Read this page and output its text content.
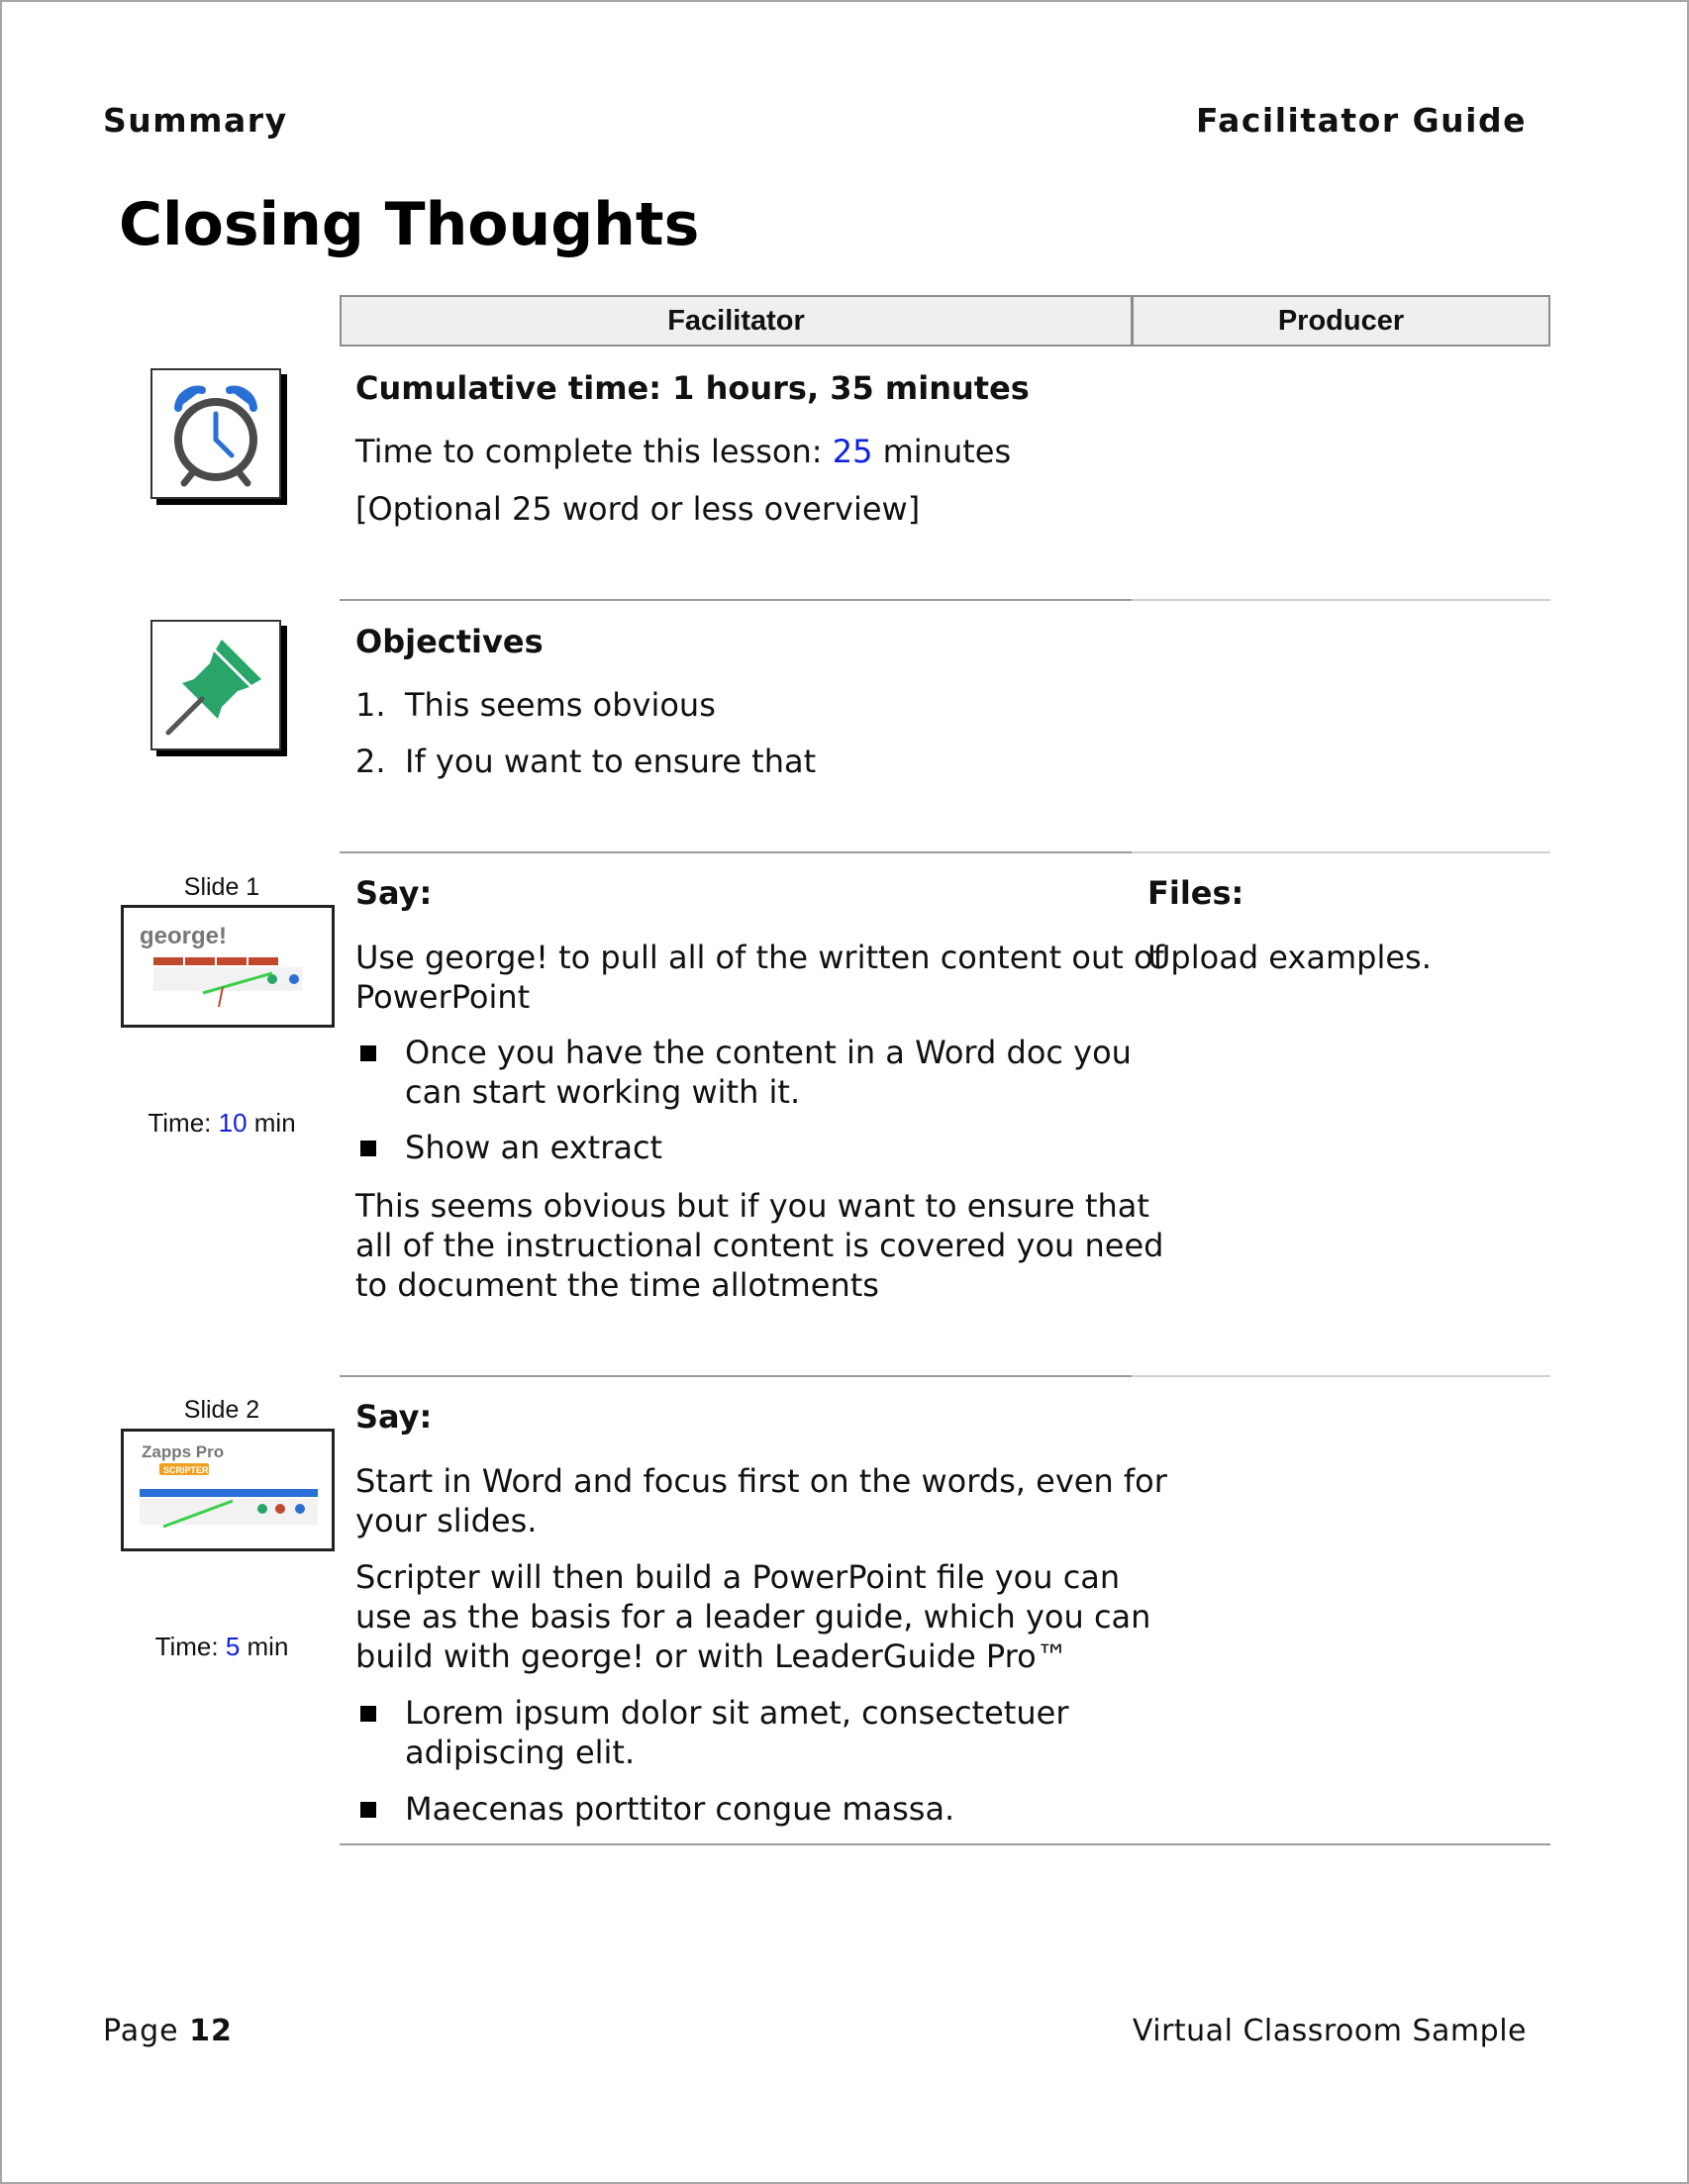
Summary	Facilitator Guide
Closing Thoughts
Facilitator	Producer
Cumulative time: 1 hours, 35 minutes
Time to complete this lesson: 25 minutes
[Optional 25 word or less overview]
Objectives
1. This seems obvious
2. If you want to ensure that
Slide 1
george!
Time: 10 min
Say:
Use george! to pull all of the written content out of
PowerPoint
Once you have the content in a Word doc you
can start working with it.
Show an extract
This seems obvious but if you want to ensure that
all of the instructional content is covered you need
to document the time allotments
Files:
Upload examples.
Slide 2
Zapps Pro
SCRIPTER
Time: 5 min
Say:
Start in Word and focus first on the words, even for
your slides.
Scripter will then build a PowerPoint file you can
use as the basis for a leader guide, which you can
build with george! or with LeaderGuide Pro™
Lorem ipsum dolor sit amet, consectetuer
adipiscing elit.
Maecenas porttitor congue massa.
Page 12	Virtual Classroom Sample
